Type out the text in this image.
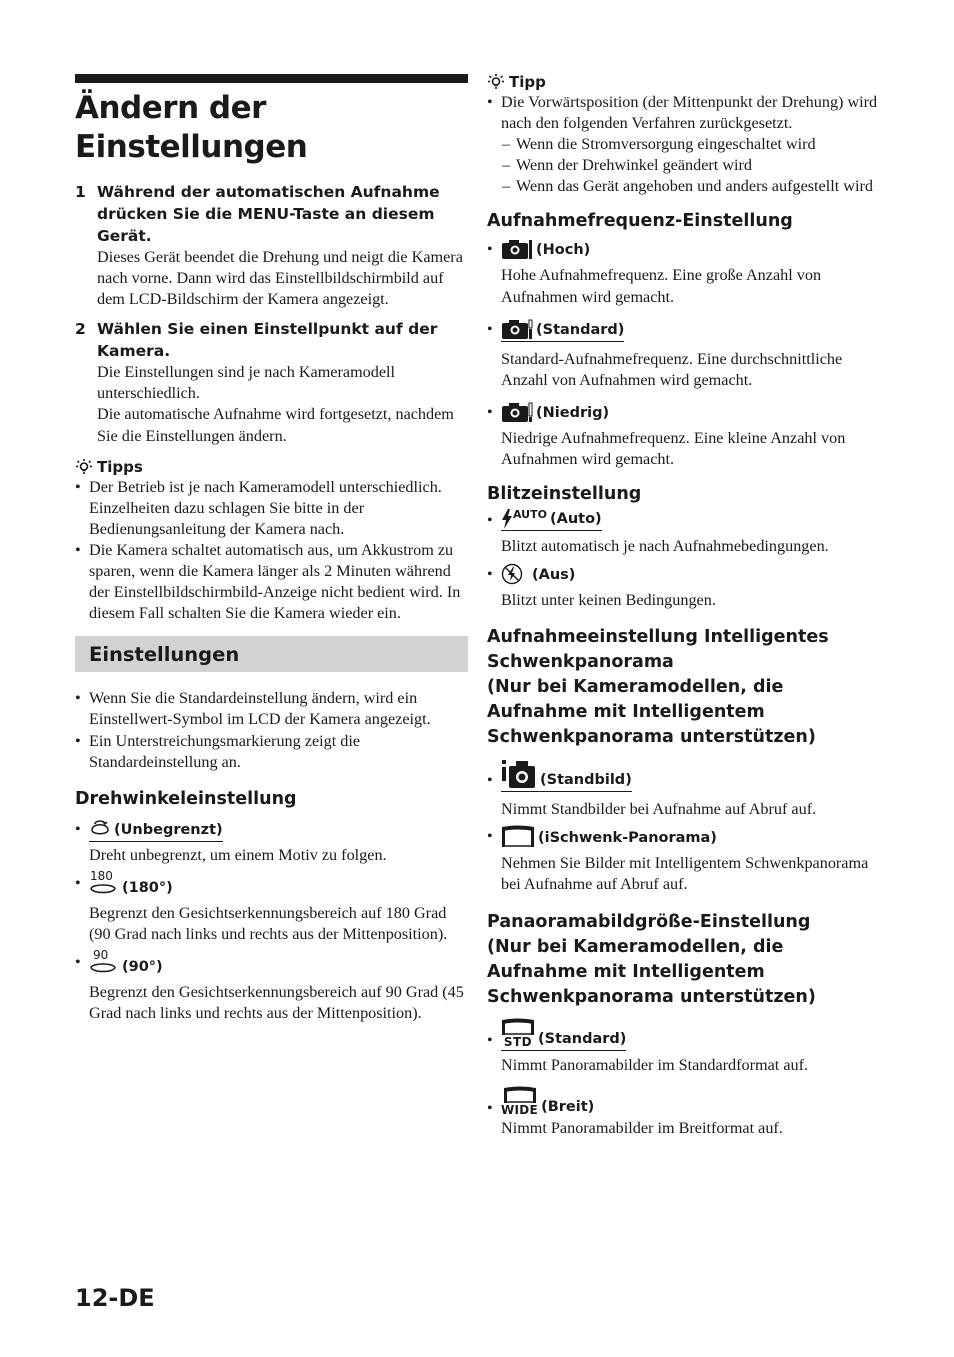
Ändern der
Einstellungen
1 Während der automatischen Aufnahme drücken Sie die MENU-Taste an diesem Gerät.
Dieses Gerät beendet die Drehung und neigt die Kamera nach vorne. Dann wird das Einstellbildschirmbild auf dem LCD-Bildschirm der Kamera angezeigt.
2 Wählen Sie einen Einstellpunkt auf der Kamera.
Die Einstellungen sind je nach Kameramodell unterschiedlich.
Die automatische Aufnahme wird fortgesetzt, nachdem Sie die Einstellungen ändern.
Tipps
• Der Betrieb ist je nach Kameramodell unterschiedlich. Einzelheiten dazu schlagen Sie bitte in der Bedienungsanleitung der Kamera nach.
• Die Kamera schaltet automatisch aus, um Akkustrom zu sparen, wenn die Kamera länger als 2 Minuten während der Einstellbildschirmbild-Anzeige nicht bedient wird. In diesem Fall schalten Sie die Kamera wieder ein.
Einstellungen
• Wenn Sie die Standardeinstellung ändern, wird ein Einstellwert-Symbol im LCD der Kamera angezeigt.
• Ein Unterstreichungsmarkierung zeigt die Standardeinstellung an.
Drehwinkeleinstellung
• (Unbegrenzt)
Dreht unbegrenzt, um einem Motiv zu folgen.
• 180
(180°)
Begrenzt den Gesichtserkennungsbereich auf 180 Grad (90 Grad nach links und rechts aus der Mittenposition).
• 90
(90°)
Begrenzt den Gesichtserkennungsbereich auf 90 Grad (45 Grad nach links und rechts aus der Mittenposition).
Tipp
• Die Vorwärtsposition (der Mittenpunkt der Drehung) wird nach den folgenden Verfahren zurückgesetzt.
– Wenn die Stromversorgung eingeschaltet wird
– Wenn der Drehwinkel geändert wird
– Wenn das Gerät angehoben und anders aufgestellt wird
Aufnahmefrequenz-Einstellung
•	(Hoch)
Hohe Aufnahmefrequenz. Eine große Anzahl von Aufnahmen wird gemacht.
•	(Standard)
Standard-Aufnahmefrequenz. Eine durchschnittliche Anzahl von Aufnahmen wird gemacht.
•	(Niedrig)
Niedrige Aufnahmefrequenz. Eine kleine Anzahl von Aufnahmen wird gemacht.
Blitzeinstellung
• AUTO (Auto)
Blitzt automatisch je nach Aufnahmebedingungen.
•	(Aus)
Blitzt unter keinen Bedingungen.
Aufnahmeeinstellung Intelligentes
Schwenkpanorama
(Nur bei Kameramodellen, die
Aufnahme mit Intelligentem
Schwenkpanorama unterstützen)
•	(Standbild)
Nimmt Standbilder bei Aufnahme auf Abruf auf.
•	(iSchwenk-Panorama)
Nehmen Sie Bilder mit Intelligentem Schwenkpanorama bei Aufnahme auf Abruf auf.
Panaoramabildgröße-Einstellung
(Nur bei Kameramodellen, die
Aufnahme mit Intelligentem
Schwenkpanorama unterstützen)
• STD (Standard)
Nimmt Panoramabilder im Standardformat auf.
• WIDE (Breit)
Nimmt Panoramabilder im Breitformat auf.
12-DE
